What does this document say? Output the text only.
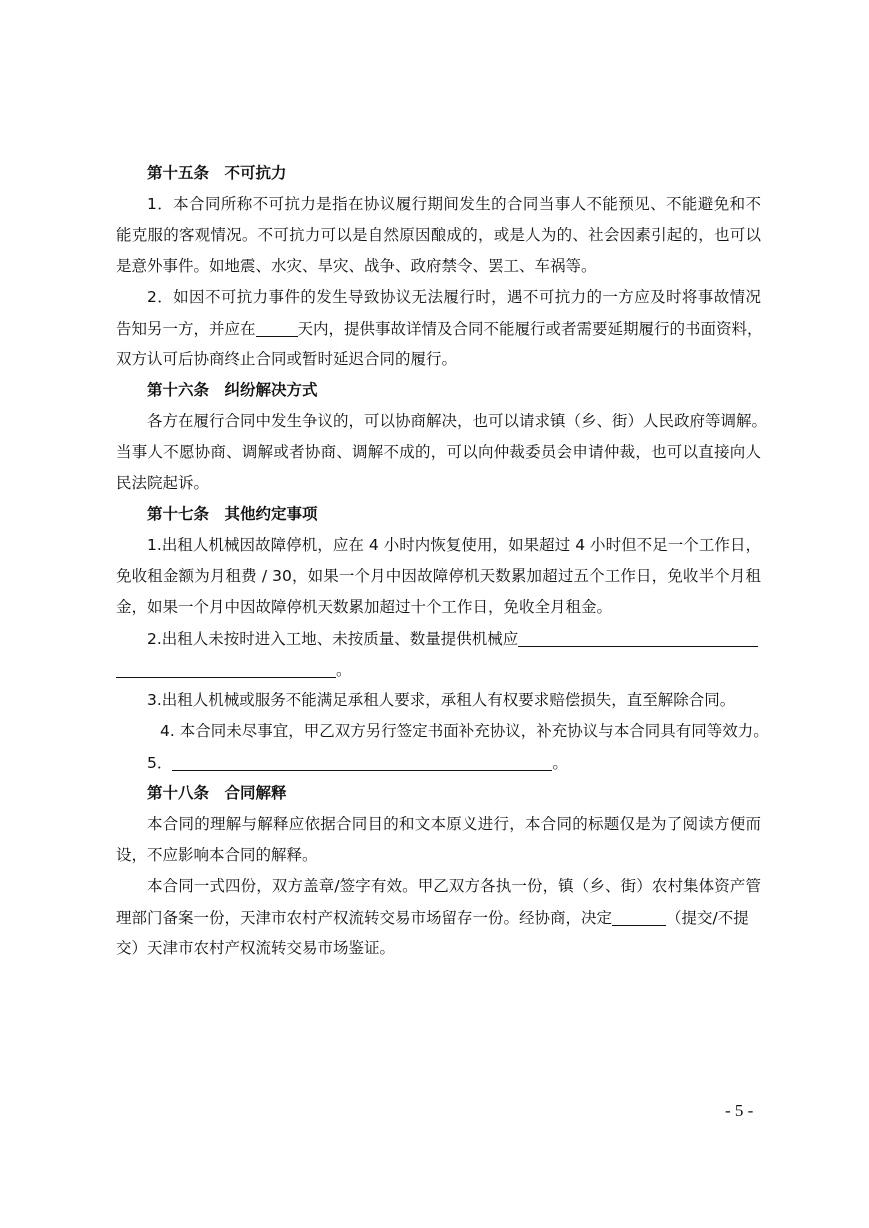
第十五条　不可抗力
1．本合同所称不可抗力是指在协议履行期间发生的合同当事人不能预见、不能避免和不
能克服的客观情况。不可抗力可以是自然原因酿成的，或是人为的、社会因素引起的，也可以
是意外事件。如地震、水灾、旱灾、战争、政府禁令、罢工、车祸等。
2．如因不可抗力事件的发生导致协议无法履行时，遇不可抗力的一方应及时将事故情况
告知另一方，并应在	天内，提供事故详情及合同不能履行或者需要延期履行的书面资料，
双方认可后协商终止合同或暂时延迟合同的履行。
第十六条　纠纷解决方式
各方在履行合同中发生争议的，可以协商解决，也可以请求镇（乡、街）人民政府等调解。
当事人不愿协商、调解或者协商、调解不成的，可以向仲裁委员会申请仲裁，也可以直接向人
民法院起诉。
第十七条　其他约定事项
1.出租人机械因故障停机，应在 4 小时内恢复使用，如果超过 4 小时但不足一个工作日，
免收租金额为月租费 / 30，如果一个月中因故障停机天数累加超过五个工作日，免收半个月租
金，如果一个月中因故障停机天数累加超过十个工作日，免收全月租金。
2.出租人未按时进入工地、未按质量、数量提供机械应
。
3.出租人机械或服务不能满足承租人要求，承租人有权要求赔偿损失，直至解除合同。
4. 本合同未尽事宜，甲乙双方另行签定书面补充协议，补充协议与本合同具有同等效力。
5．	。
第十八条　合同解释
本合同的理解与解释应依据合同目的和文本原义进行，本合同的标题仅是为了阅读方便而
设，不应影响本合同的解释。
本合同一式四份，双方盖章/签字有效。甲乙双方各执一份，镇（乡、街）农村集体资产管
理部门备案一份，天津市农村产权流转交易市场留存一份。经协商，决定	（提交/不提
交）天津市农村产权流转交易市场鉴证。
- 5 -
